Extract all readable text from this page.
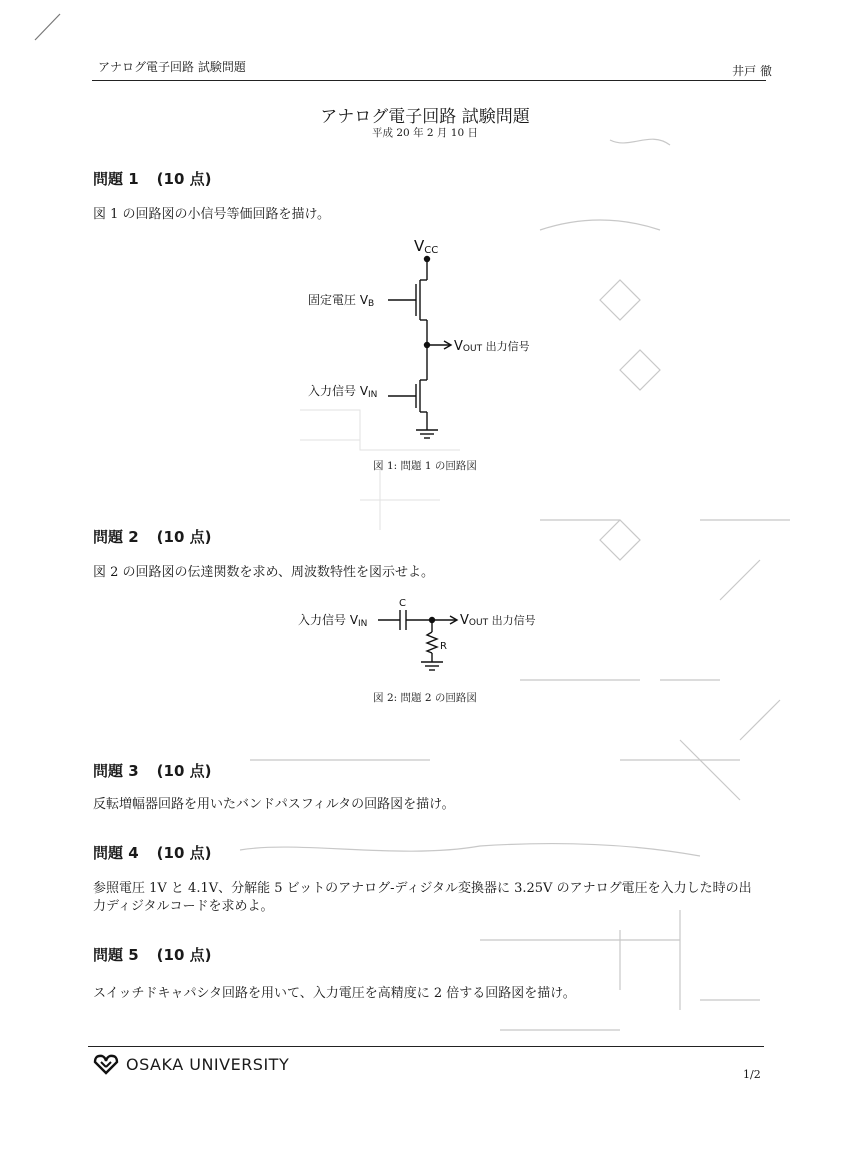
アナログ電子回路 試験問題	井戸 徹
アナログ電子回路 試験問題
平成 20 年 2 月 10 日
問題 1 (10 点)
図 1 の回路図の小信号等価回路を描け。
VCC
固定電圧 VB
VOUT 出力信号
入力信号 VIN
図 1: 問題 1 の回路図
問題 2 (10 点)
図 2 の回路図の伝達関数を求め、周波数特性を図示せよ。
入力信号 VIN
C
R
VOUT 出力信号
図 2: 問題 2 の回路図
問題 3 (10 点)
反転増幅器回路を用いたバンドパスフィルタの回路図を描け。
問題 4 (10 点)
参照電圧 1V と 4.1V、分解能 5 ビットのアナログ-ディジタル変換器に 3.25V のアナログ電圧を入力した時の出力ディジタルコードを求めよ。
問題 5 (10 点)
スイッチドキャパシタ回路を用いて、入力電圧を高精度に 2 倍する回路図を描け。
OSAKA UNIVERSITY
1/2
